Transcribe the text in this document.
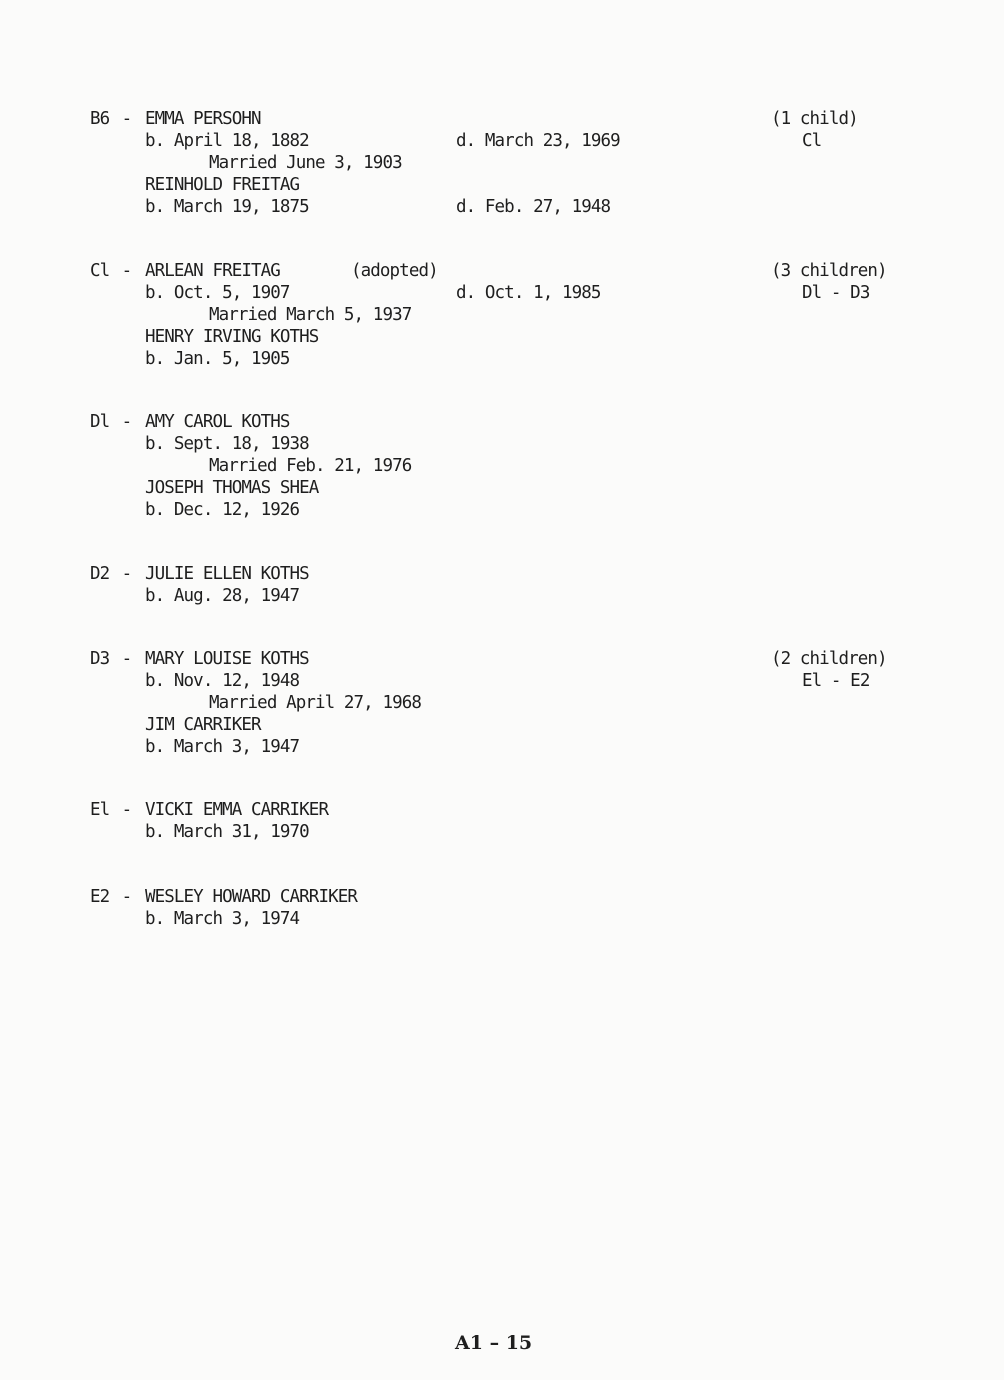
B6 - EMMA PERSOHN	(1 child)
b. April 18, 1882	d. March 23, 1969	Cl
Married June 3, 1903
REINHOLD FREITAG
b. March 19, 1875	d. Feb. 27, 1948
Cl - ARLEAN FREITAG	(adopted)	(3 children)
b. Oct. 5, 1907	d. Oct. 1, 1985	Dl - D3
Married March 5, 1937
HENRY IRVING KOTHS
b. Jan. 5, 1905
Dl - AMY CAROL KOTHS
b. Sept. 18, 1938
Married Feb. 21, 1976
JOSEPH THOMAS SHEA
b. Dec. 12, 1926
D2 - JULIE ELLEN KOTHS
b. Aug. 28, 1947
D3 - MARY LOUISE KOTHS	(2 children)
b. Nov. 12, 1948	El - E2
Married April 27, 1968
JIM CARRIKER
b. March 3, 1947
El - VICKI EMMA CARRIKER
b. March 31, 1970
E2 - WESLEY HOWARD CARRIKER
b. March 3, 1974
A1 – 15
